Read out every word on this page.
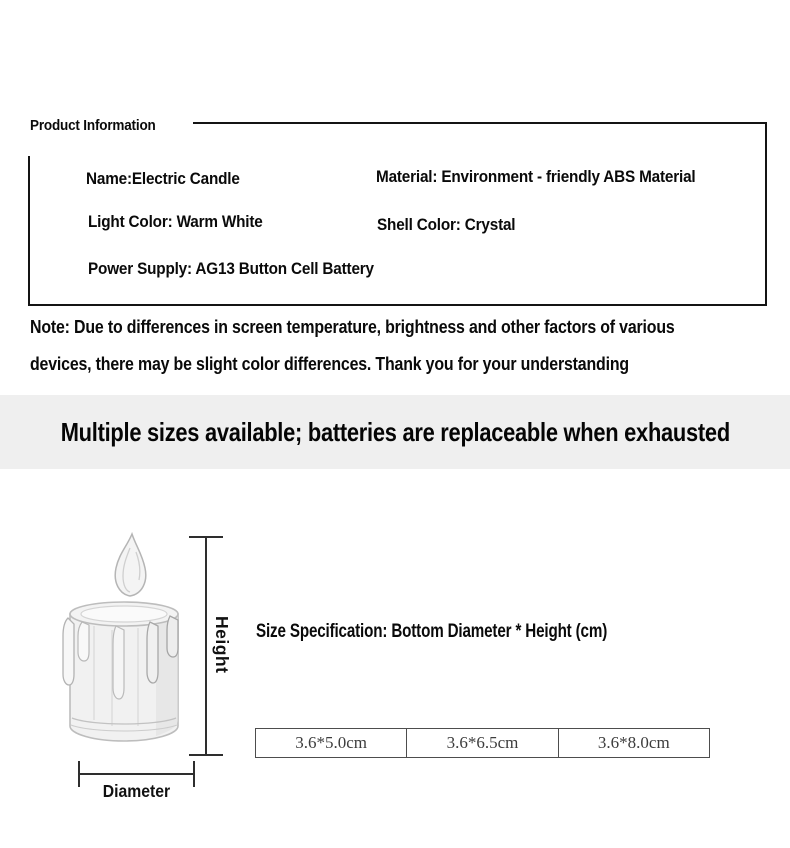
Product Information
Name:Electric Candle	Material: Environment - friendly ABS Material
Light Color: Warm White	Shell Color: Crystal
Power Supply: AG13 Button Cell Battery
Note: Due to differences in screen temperature, brightness and other factors of various
devices, there may be slight color differences. Thank you for your understanding
Multiple sizes available; batteries are replaceable when exhausted
Height
Diameter
Size Specification: Bottom Diameter * Height (cm)
3.6*5.0cm	3.6*6.5cm	3.6*8.0cm
